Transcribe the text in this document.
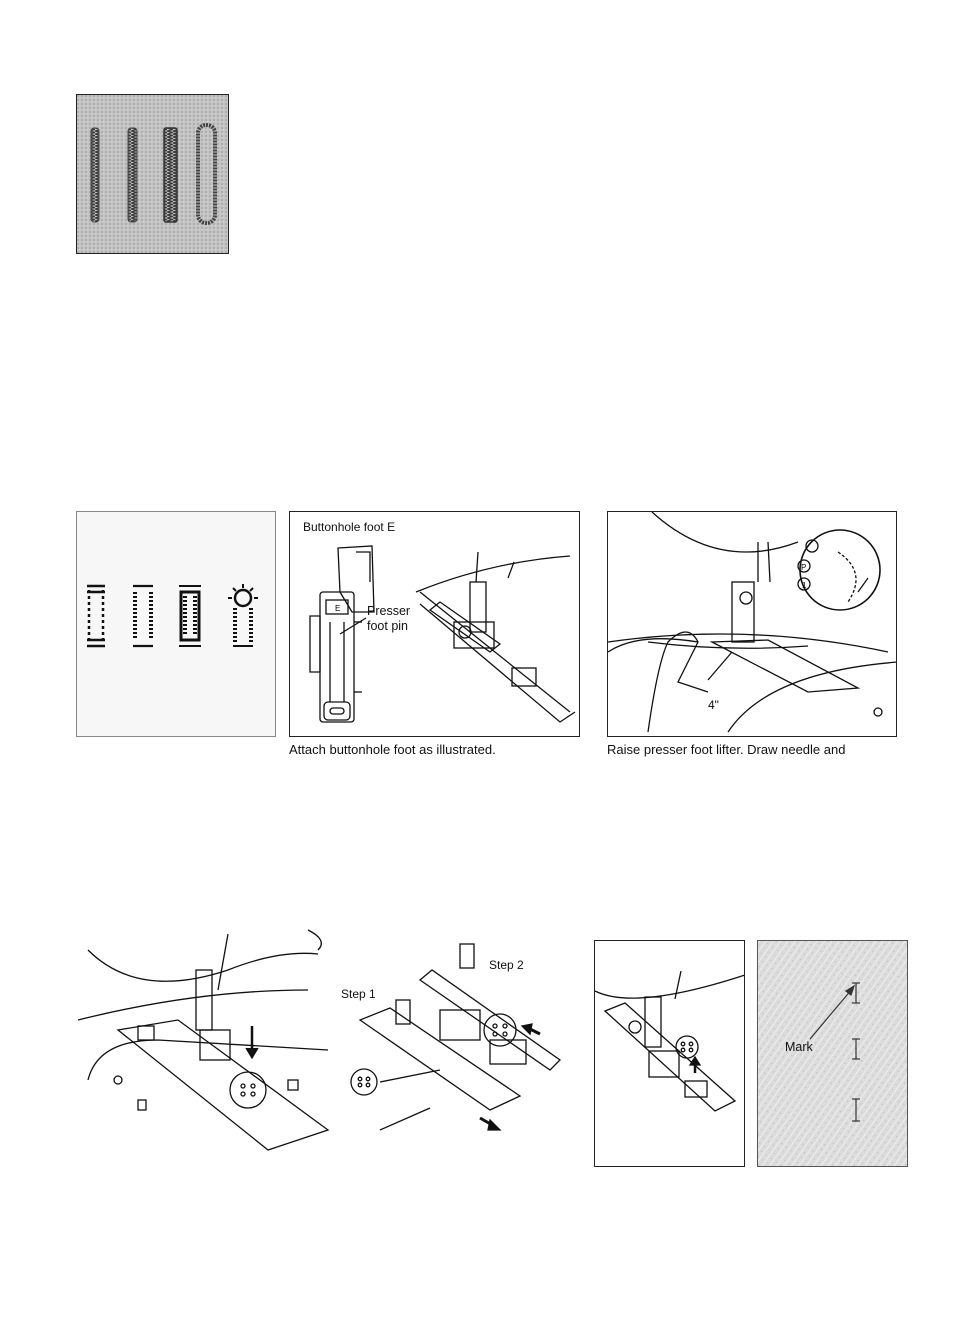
Buttonhole foot E
E Presser
foot pin
Attach buttonhole foot as illustrated.
P
1
4"
Raise presser foot lifter. Draw needle and
Step 2
Step 1
Mark
